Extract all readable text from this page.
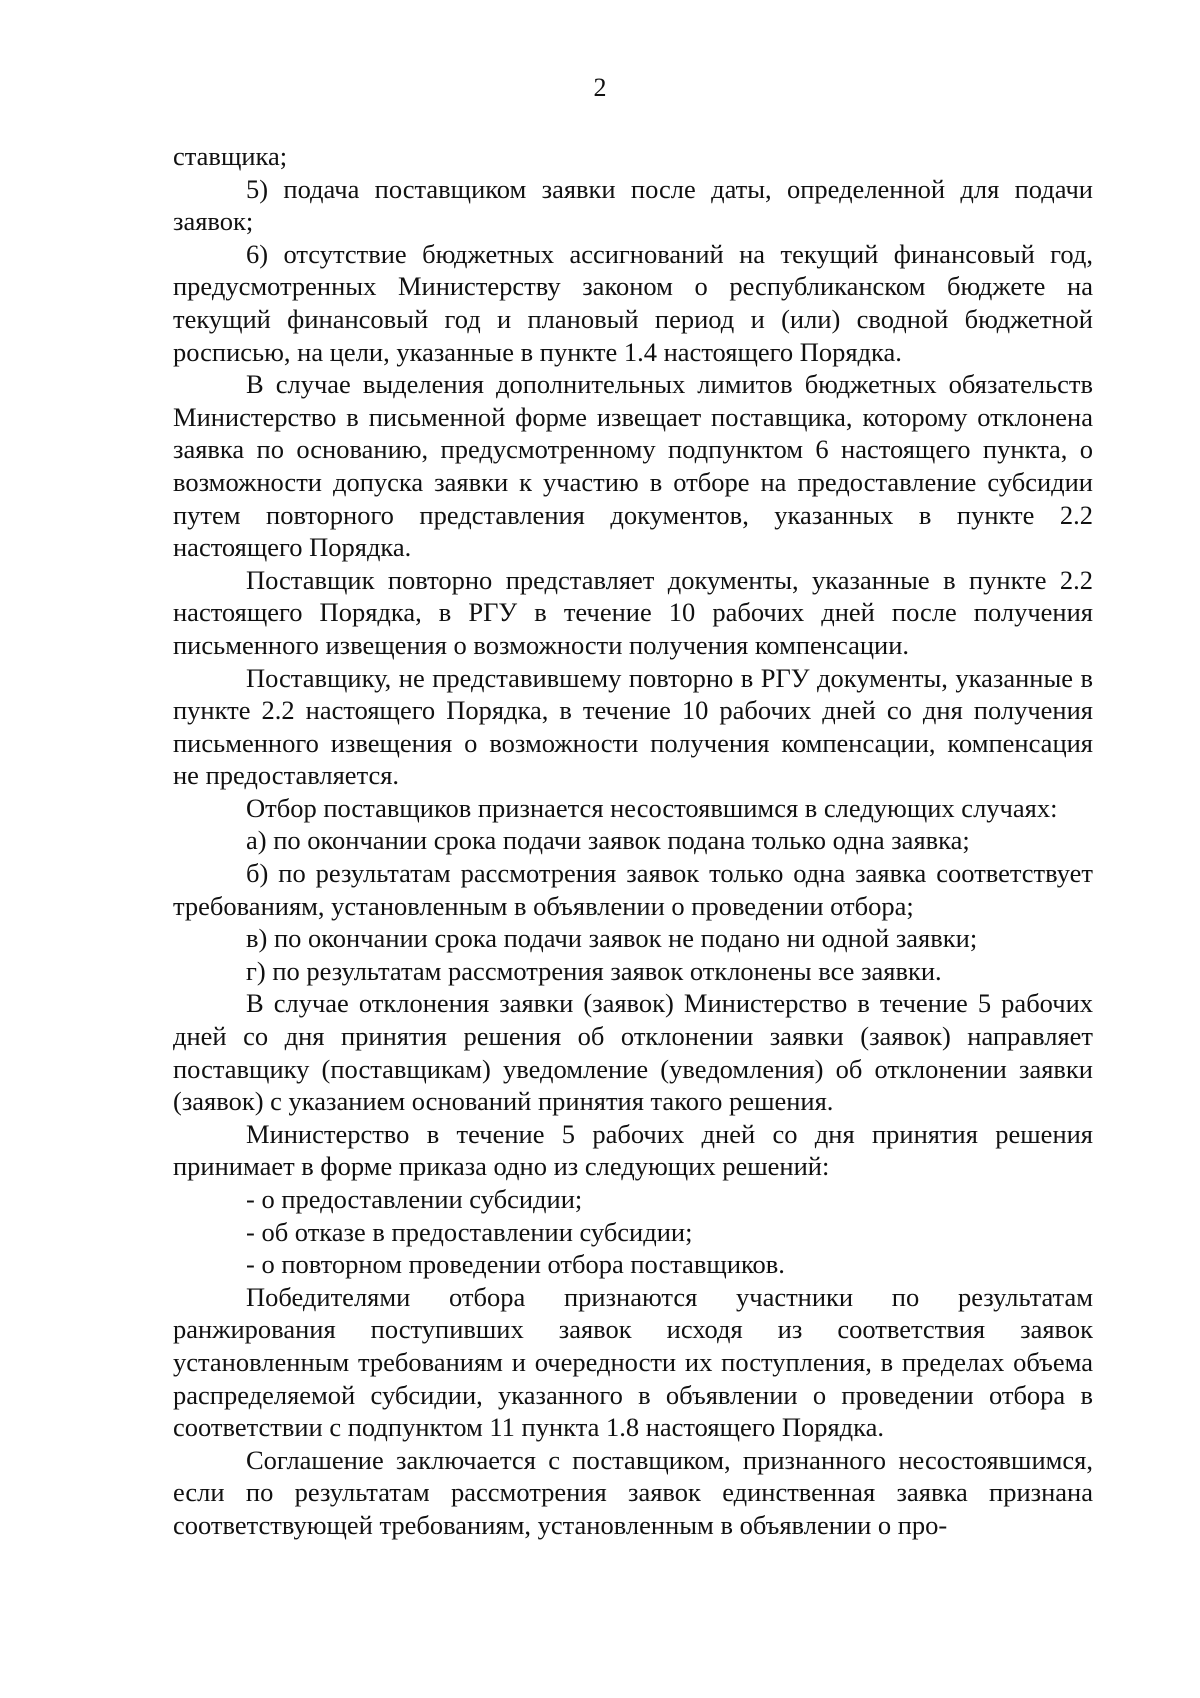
2

ставщика;

5) подача поставщиком заявки после даты, определенной для подачи заявок;

6) отсутствие бюджетных ассигнований на текущий финансовый год, предусмотренных Министерству законом о республиканском бюджете на текущий финансовый год и плановый период и (или) сводной бюджетной росписью, на цели, указанные в пункте 1.4 настоящего Порядка.

В случае выделения дополнительных лимитов бюджетных обязательств Министерство в письменной форме извещает поставщика, которому отклонена заявка по основанию, предусмотренному подпунктом 6 настоящего пункта, о возможности допуска заявки к участию в отборе на предоставление субсидии путем повторного представления документов, указанных в пункте 2.2 настоящего Порядка.

Поставщик повторно представляет документы, указанные в пункте 2.2 настоящего Порядка, в РГУ в течение 10 рабочих дней после получения письменного извещения о возможности получения компенсации.

Поставщику, не представившему повторно в РГУ документы, указанные в пункте 2.2 настоящего Порядка, в течение 10 рабочих дней со дня получения письменного извещения о возможности получения компенсации, компенсация не предоставляется.

Отбор поставщиков признается несостоявшимся в следующих случаях:

а) по окончании срока подачи заявок подана только одна заявка;

б) по результатам рассмотрения заявок только одна заявка соответствует требованиям, установленным в объявлении о проведении отбора;

в) по окончании срока подачи заявок не подано ни одной заявки;

г) по результатам рассмотрения заявок отклонены все заявки.

В случае отклонения заявки (заявок) Министерство в течение 5 рабочих дней со дня принятия решения об отклонении заявки (заявок) направляет поставщику (поставщикам) уведомление (уведомления) об отклонении заявки (заявок) с указанием оснований принятия такого решения.

Министерство в течение 5 рабочих дней со дня принятия решения принимает в форме приказа одно из следующих решений:

- о предоставлении субсидии;

- об отказе в предоставлении субсидии;

- о повторном проведении отбора поставщиков.

Победителями отбора признаются участники по результатам ранжирования поступивших заявок исходя из соответствия заявок установленным требованиям и очередности их поступления, в пределах объема распределяемой субсидии, указанного в объявлении о проведении отбора в соответствии с подпунктом 11 пункта 1.8 настоящего Порядка.

Соглашение заключается с поставщиком, признанного несостоявшимся, если по результатам рассмотрения заявок единственная заявка признана соответствующей требованиям, установленным в объявлении о про-
